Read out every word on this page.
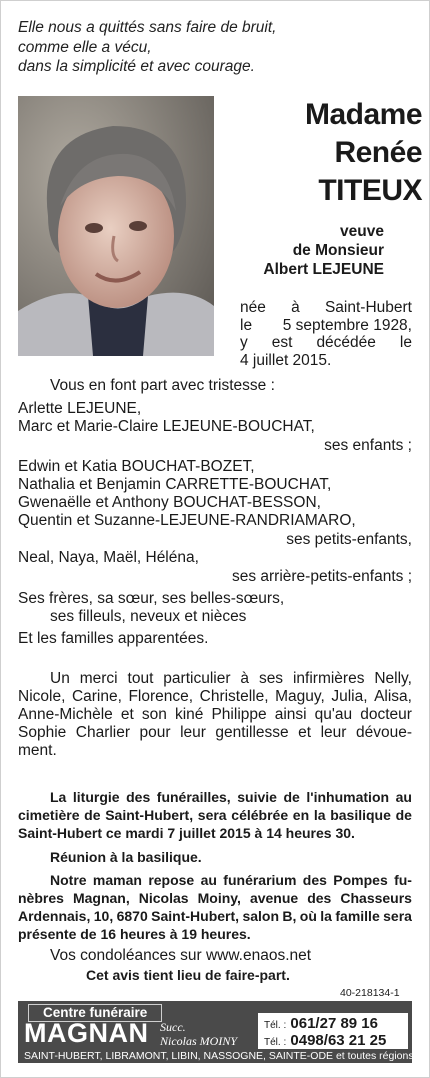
Elle nous a quittés sans faire de bruit,
comme elle a vécu,
dans la simplicité et avec courage.
Madame
Renée
TITEUX
veuve
de Monsieur
Albert LEJEUNE
née à Saint-Hubert
le 5 septembre 1928,
y est décédée le
4 juillet 2015.
Vous en font part avec tristesse :
Arlette LEJEUNE,
Marc et Marie-Claire LEJEUNE-BOUCHAT,
ses enfants ;
Edwin et Katia BOUCHAT-BOZET,
Nathalia et Benjamin CARRETTE-BOUCHAT,
Gwenaëlle et Anthony BOUCHAT-BESSON,
Quentin et Suzanne-LEJEUNE-RANDRIAMARO,
ses petits-enfants,
Neal, Naya, Maël, Héléna,
ses arrière-petits-enfants ;
Ses frères, sa sœur, ses belles-sœurs,
ses filleuls, neveux et nièces
Et les familles apparentées.
Un merci tout particulier à ses infirmières Nelly,
Nicole, Carine, Florence, Christelle, Maguy, Julia, Alisa,
Anne-Michèle et son kiné Philippe ainsi qu'au docteur
Sophie Charlier pour leur gentillesse et leur dévoue-
ment.
La liturgie des funérailles, suivie de l'inhumation au
cimetière de Saint-Hubert, sera célébrée en la basilique de
Saint-Hubert ce mardi 7 juillet 2015 à 14 heures 30.
Réunion à la basilique.
Notre maman repose au funérarium des Pompes fu-
nèbres Magnan, Nicolas Moiny, avenue des Chasseurs
Ardennais, 10, 6870 Saint-Hubert, salon B, où la famille sera
présente de 16 heures à 19 heures.
Vos condoléances sur www.enaos.net
Cet avis tient lieu de faire-part.
40-218134-1
Centre funéraire
MAGNAN Succ.
Nicolas MOINY
Tél. : 061/27 89 16
Tél. : 0498/63 21 25
SAINT-HUBERT, LIBRAMONT, LIBIN, NASSOGNE, SAINTE-ODE et toutes régions
